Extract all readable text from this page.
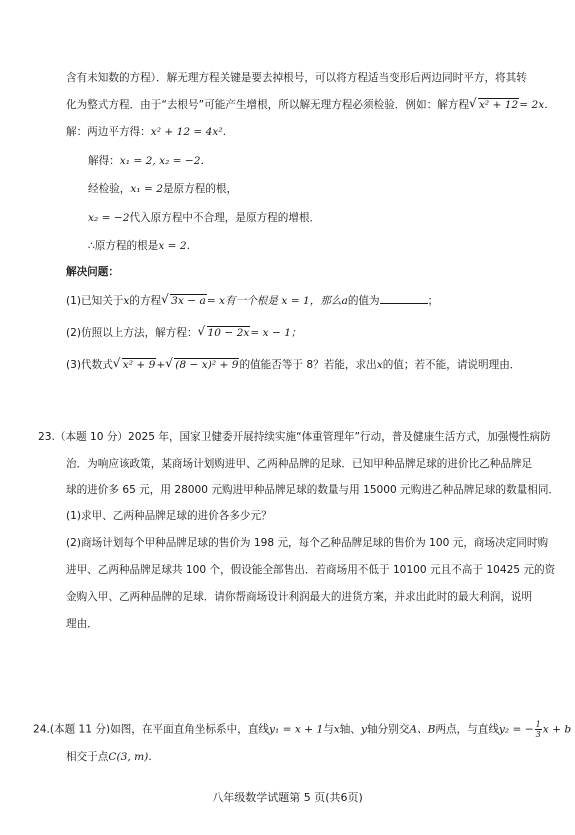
含有未知数的方程）．解无理方程关键是要去掉根号，可以将方程适当变形后两边同时平方，将其转
化为整式方程．由于“去根号”可能产生增根，所以解无理方程必须检验．例如：解方程 √ x² + 12= 2x．
解：两边平方得：x² + 12 = 4x²．
解得：x₁ = 2, x₂ = −2．
经检验，x₁ = 2是原方程的根，
x₂ = −2代入原方程中不合理，是原方程的增根．
∴原方程的根是x = 2．
解决问题：
(1)已知关于x的方程 √ 3x − a= x有一个根是 x = 1，那么a的值为	；
(2)仿照以上方法，解方程： √ 10 − 2x= x − 1；
(3)代数式 √ x² + 9+ √ (8 − x)² + 9的值能否等于 8？若能，求出x的值；若不能，请说明理由．
23.（本题 10 分）2025 年，国家卫健委开展持续实施“体重管理年”行动，普及健康生活方式，加强慢性病防
治．为响应该政策，某商场计划购进甲、乙两种品牌的足球．已知甲种品牌足球的进价比乙种品牌足
球的进价多 65 元，用 28000 元购进甲种品牌足球的数量与用 15000 元购进乙种品牌足球的数量相同．
(1)求甲、乙两种品牌足球的进价各多少元？
(2)商场计划每个甲种品牌足球的售价为 198 元，每个乙种品牌足球的售价为 100 元，商场决定同时购
进甲、乙两种品牌足球共 100 个，假设能全部售出．若商场用不低于 10100 元且不高于 10425 元的资
金购入甲、乙两种品牌的足球．请你帮商场设计利润最大的进货方案，并求出此时的最大利润，说明
理由．
24.(本题 11 分)如图，在平面直角坐标系中，直线y₁ = x + 1与x轴、y轴分别交A、B两点，与直线y₂ = − $\frac{1}{3}$ x + b
相交于点C(3, m)．
八年级数学试题第 5 页(共6页)
